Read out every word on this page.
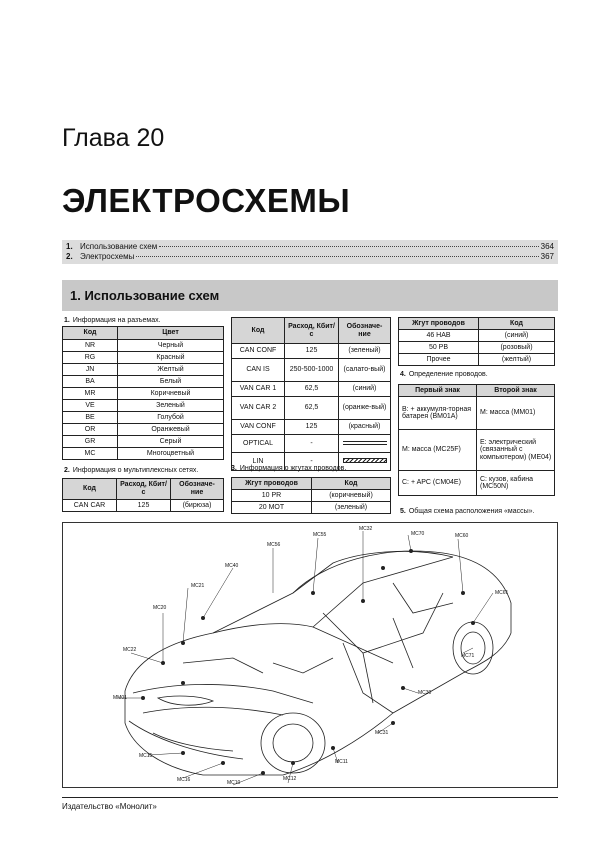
Глава 20
ЭЛЕКТРОСХЕМЫ
1. Использование схем	364
2. Электросхемы	367
1. Использование схем
1. Информация на разъемах.
Код	Цвет
NR	Черный
RG	Красный
JN	Желтый
BA	Белый
MR	Коричневый
VE	Зеленый
BE	Голубой
OR	Оранжевый
GR	Серый
MC	Многоцветный
2. Информация о мультиплексных сетях.
Код	Расход, Кбит/с	Обозначе-ние
CAN CAR	125	(бирюза)
Код	Расход, Кбит/с	Обозначе-ние
CAN CONF	125	(зеленый)
CAN IS	250-500-1000	(салато-вый)
VAN CAR 1	62,5	(синий)
VAN CAR 2	62,5	(оранже-вый)
VAN CONF	125	(красный)
OPTICAL	-	
LIN	-	
3. Информация о жгутах проводов.
Жгут проводов	Код
10 PR	(коричневый)
20 MOT	(зеленый)
Жгут проводов	Код
46 HAB	(синий)
50 PB	(розовый)
Прочее	(желтый)
4. Определение проводов.
Первый знак	Второй знак
B: + аккумуля-торная батарея (BM01A)	M: масса (MM01)
M: масса (MC25F)	E: электрический (связанный с компьютером) (ME04)
C: + APC (CM04E)	C: кузов, кабина (MC50N)
5. Общая схема расположения «массы».
MC55
MC56
MC32
MC70	MC60
MC40
MC21
MC20
MC22
MC61
MM01
MC71
MC30
MC31
MC15
MC16	MC10
MC12
MC11
Издательство «Монолит»
